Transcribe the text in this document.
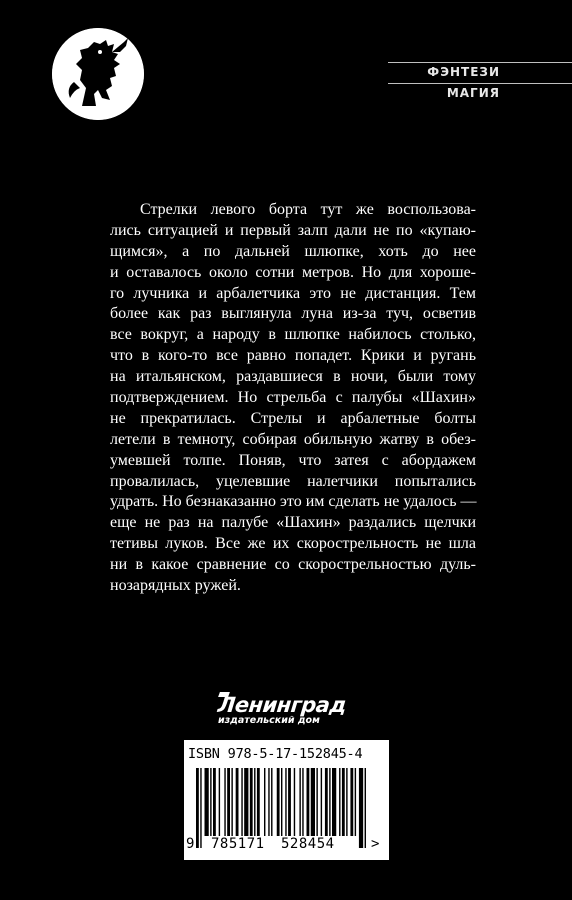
ФЭНТЕЗИ
МАГИЯ
Стрелки левого борта тут же воспользова-
лись ситуацией и первый залп дали не по «купаю-
щимся», а по дальней шлюпке, хоть до нее
и оставалось около сотни метров. Но для хороше-
го лучника и арбалетчика это не дистанция. Тем
более как раз выглянула луна из-за туч, осветив
все вокруг, а народу в шлюпке набилось столько,
что в кого-то все равно попадет. Крики и ругань
на итальянском, раздавшиеся в ночи, были тому
подтверждением. Но стрельба с палубы «Шахин»
не прекратилась. Стрелы и арбалетные болты
летели в темноту, собирая обильную жатву в обез-
умевшей толпе. Поняв, что затея с абордажем
провалилась, уцелевшие налетчики попытались
удрать. Но безнаказанно это им сделать не удалось —
еще не раз на палубе «Шахин» раздались щелчки
тетивы луков. Все же их скорострельность не шла
ни в какое сравнение со скорострельностью дуль-
нозарядных ружей.
Ленинград
издательский дом
ISBN 978-5-17-152845-4
9 785171 528454	>
